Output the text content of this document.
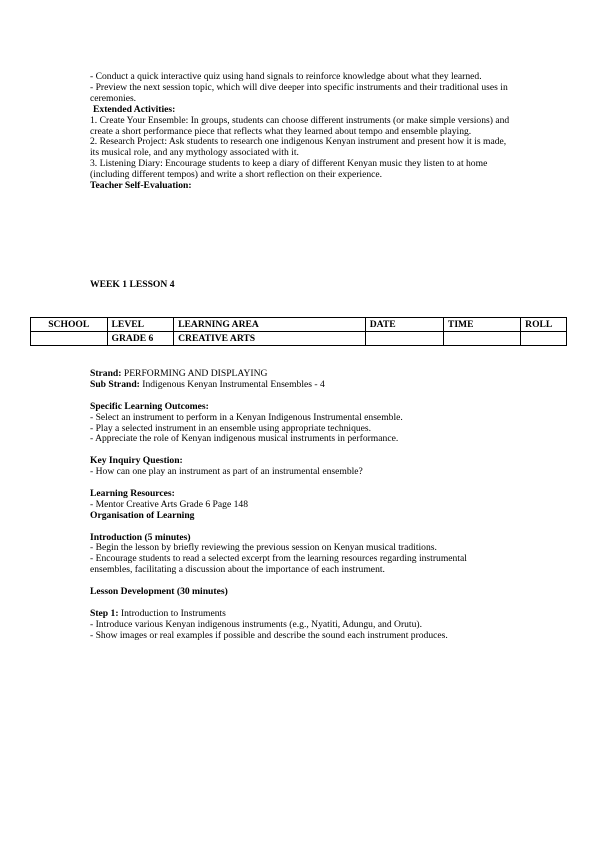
- Conduct a quick interactive quiz using hand signals to reinforce knowledge about what they learned.

- Preview the next session topic, which will dive deeper into specific instruments and their traditional uses in ceremonies.

Extended Activities:

1. Create Your Ensemble: In groups, students can choose different instruments (or make simple versions) and create a short performance piece that reflects what they learned about tempo and ensemble playing.

2. Research Project: Ask students to research one indigenous Kenyan instrument and present how it is made, its musical role, and any mythology associated with it.

3. Listening Diary: Encourage students to keep a diary of different Kenyan music they listen to at home (including different tempos) and write a short reflection on their experience.

Teacher Self-Evaluation:

WEEK 1 LESSON 4
SCHOOL	LEVEL	LEARNING AREA	DATE	TIME	ROLL
	GRADE 6	CREATIVE ARTS			

Strand: PERFORMING AND DISPLAYING

Sub Strand: Indigenous Kenyan Instrumental Ensembles - 4

Specific Learning Outcomes:

- Select an instrument to perform in a Kenyan Indigenous Instrumental ensemble.

- Play a selected instrument in an ensemble using appropriate techniques.

- Appreciate the role of Kenyan indigenous musical instruments in performance.

Key Inquiry Question:

- How can one play an instrument as part of an instrumental ensemble?

Learning Resources:

- Mentor Creative Arts Grade 6 Page 148

Organisation of Learning

Introduction (5 minutes)

- Begin the lesson by briefly reviewing the previous session on Kenyan musical traditions.

- Encourage students to read a selected excerpt from the learning resources regarding instrumental ensembles, facilitating a discussion about the importance of each instrument.

Lesson Development (30 minutes)

Step 1: Introduction to Instruments

- Introduce various Kenyan indigenous instruments (e.g., Nyatiti, Adungu, and Orutu).

- Show images or real examples if possible and describe the sound each instrument produces.
